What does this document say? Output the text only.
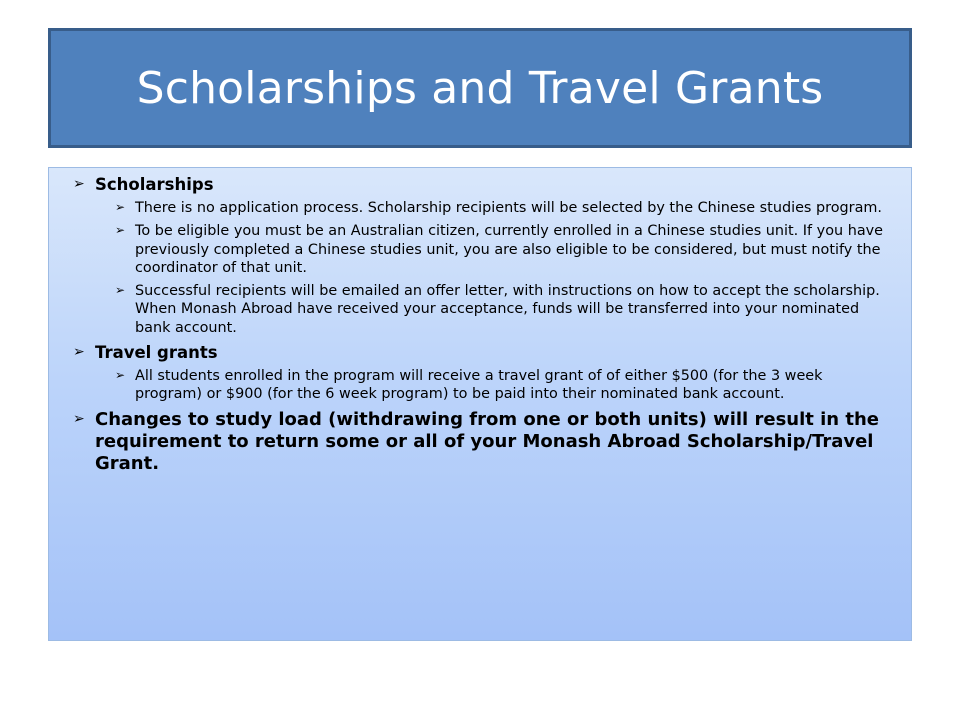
Scholarships and Travel Grants
➢ Scholarships
➢ There is no application process. Scholarship recipients will be selected by the Chinese studies program.
➢ To be eligible you must be an Australian citizen, currently enrolled in a Chinese studies unit. If you have previously completed a Chinese studies unit, you are also eligible to be considered, but must notify the coordinator of that unit.
➢ Successful recipients will be emailed an offer letter, with instructions on how to accept the scholarship. When Monash Abroad have received your acceptance, funds will be transferred into your nominated bank account.
➢ Travel grants
➢ All students enrolled in the program will receive a travel grant of of either $500 (for the 3 week program) or $900 (for the 6 week program) to be paid into their nominated bank account.
➢ Changes to study load (withdrawing from one or both units) will result in the requirement to return some or all of your Monash Abroad Scholarship/Travel Grant.
